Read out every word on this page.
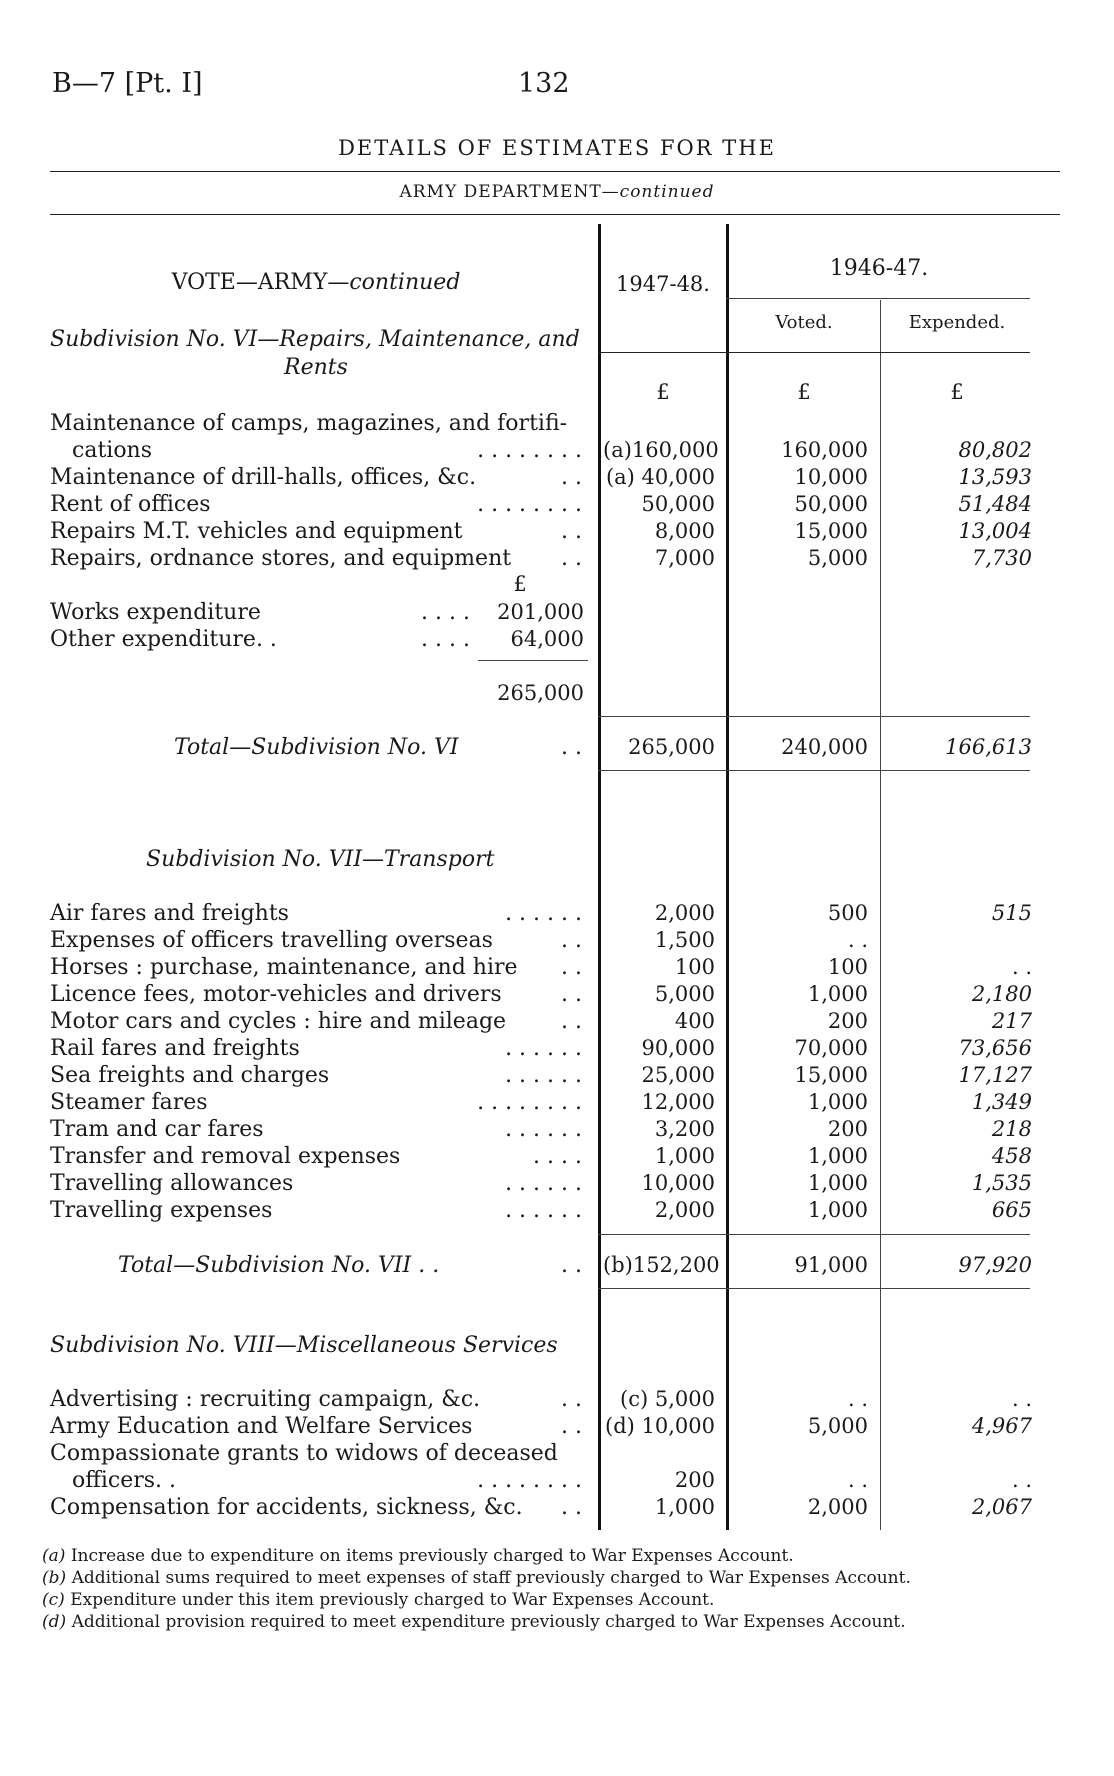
B—7 [Pt. I]	132
DETAILS OF ESTIMATES FOR THE
ARMY DEPARTMENT—continued
VOTE—ARMY—continued	1947-48.
1946-47.
Voted.	Expended.
£	£	£
Subdivision No. VI—Repairs, Maintenance, and
Rents
Maintenance of camps, magazines, and fortifi-
cations	. . . . . . . . (a)160,000	160,000	80,802
Maintenance of drill-halls, offices, &c.	. . (a) 40,000	10,000	13,593
Rent of offices	. . . . . . . .	50,000	50,000	51,484
Repairs M.T. vehicles and equipment	. .	8,000	15,000	13,004
Repairs, ordnance stores, and equipment . .	7,000	5,000	7,730
£
Works expenditure	. . . .	201,000
Other expenditure. .	. . . .	64,000
265,000
Total—Subdivision No. VI	. .	265,000	240,000	166,613
Subdivision No. VII—Transport
Air fares and freights	. . . . . .	2,000	500	515
Expenses of officers travelling overseas	. .	1,500	. .
Horses : purchase, maintenance, and hire . .	100	100	. .
Licence fees, motor-vehicles and drivers	. .	5,000	1,000	2,180
Motor cars and cycles : hire and mileage . .	400	200	217
Rail fares and freights	. . . . . .	90,000	70,000	73,656
Sea freights and charges	. . . . . .	25,000	15,000	17,127
Steamer fares	. . . . . . . .	12,000	1,000	1,349
Tram and car fares	. . . . . .	3,200	200	218
Transfer and removal expenses	. . . .	1,000	1,000	458
Travelling allowances	. . . . . .	10,000	1,000	1,535
Travelling expenses	. . . . . .	2,000	1,000	665
Total—Subdivision No. VII . .	. . (b)152,200	91,000	97,920
Subdivision No. VIII—Miscellaneous Services
Advertising : recruiting campaign, &c.	. .	(c) 5,000	. .	. .
Army Education and Welfare Services	. . (d) 10,000	5,000	4,967
Compassionate grants to widows of deceased
officers. .	. . . . . . . .	200	. .	. .
Compensation for accidents, sickness, &c. . .	1,000	2,000	2,067
(a) Increase due to expenditure on items previously charged to War Expenses Account.
(b) Additional sums required to meet expenses of staff previously charged to War Expenses Account.
(c) Expenditure under this item previously charged to War Expenses Account.
(d) Additional provision required to meet expenditure previously charged to War Expenses Account.
